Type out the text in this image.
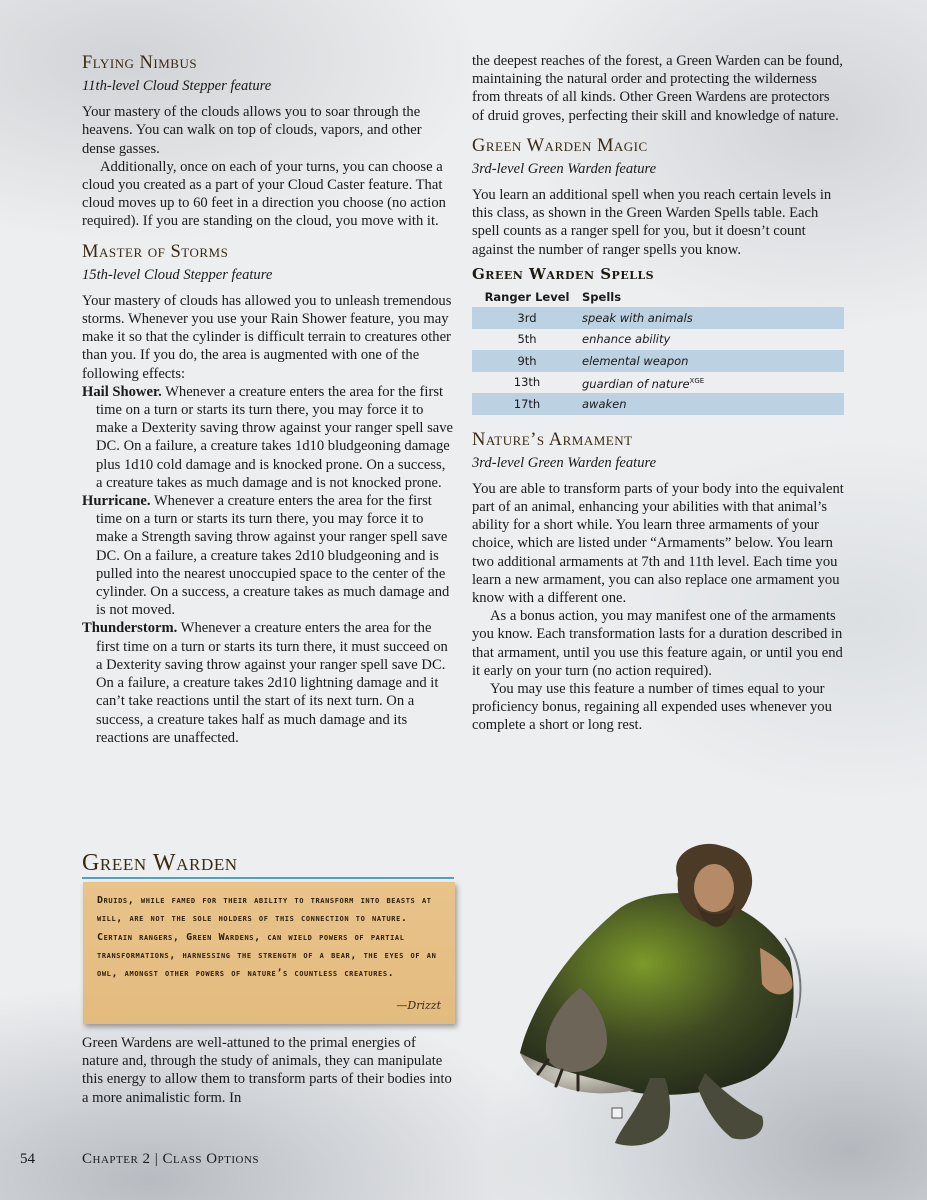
Flying Nimbus

11th-level Cloud Stepper feature

Your mastery of the clouds allows you to soar through the heavens. You can walk on top of clouds, vapors, and other dense gasses.

Additionally, once on each of your turns, you can choose a cloud you created as a part of your Cloud Caster feature. That cloud moves up to 60 feet in a direction you choose (no action required). If you are standing on the cloud, you move with it.

Master of Storms

15th-level Cloud Stepper feature

Your mastery of clouds has allowed you to unleash tremendous storms. Whenever you use your Rain Shower feature, you may make it so that the cylinder is difficult terrain to creatures other than you. If you do, the area is augmented with one of the following effects:

Hail Shower. Whenever a creature enters the area for the first time on a turn or starts its turn there, you may force it to make a Dexterity saving throw against your ranger spell save DC. On a failure, a creature takes 1d10 bludgeoning damage plus 1d10 cold damage and is knocked prone. On a success, a creature takes as much damage and is not knocked prone.

Hurricane. Whenever a creature enters the area for the first time on a turn or starts its turn there, you may force it to make a Strength saving throw against your ranger spell save DC. On a failure, a creature takes 2d10 bludgeoning and is pulled into the nearest unoccupied space to the center of the cylinder. On a success, a creature takes as much damage and is not moved.

Thunderstorm. Whenever a creature enters the area for the first time on a turn or starts its turn there, it must succeed on a Dexterity saving throw against your ranger spell save DC. On a failure, a creature takes 2d10 lightning damage and it can’t take reactions until the start of its next turn. On a success, a creature takes half as much damage and its reactions are unaffected.

Green Warden

Druids, while famed for their ability to transform into beasts at will, are not the sole holders of this connection to nature. Certain rangers, Green Wardens, can wield powers of partial transformations, harnessing the strength of a bear, the eyes of an owl, amongst other powers of nature’s countless creatures.

—Drizzt

Green Wardens are well-attuned to the primal energies of nature and, through the study of animals, they can manipulate this energy to allow them to transform parts of their bodies into a more animalistic form. In

the deepest reaches of the forest, a Green Warden can be found, maintaining the natural order and protecting the wilderness from threats of all kinds. Other Green Wardens are protectors of druid groves, perfecting their skill and knowledge of nature.

Green Warden Magic

3rd-level Green Warden feature

You learn an additional spell when you reach certain levels in this class, as shown in the Green Warden Spells table. Each spell counts as a ranger spell for you, but it doesn’t count against the number of ranger spells you know.

Green Warden Spells
Ranger Level	Spells
3rd	speak with animals
5th	enhance ability
9th	elemental weapon
13th	guardian of nature$^{XGE}$
17th	awaken
Nature’s Armament

3rd-level Green Warden feature

You are able to transform parts of your body into the equivalent part of an animal, enhancing your abilities with that animal’s ability for a short while. You learn three armaments of your choice, which are listed under “Armaments” below. You learn two additional armaments at 7th and 11th level. Each time you learn a new armament, you can also replace one armament you know with a different one.

As a bonus action, you may manifest one of the armaments you know. Each transformation lasts for a duration described in that armament, until you use this feature again, or until you end it early on your turn (no action required).

You may use this feature a number of times equal to your proficiency bonus, regaining all expended uses whenever you complete a short or long rest.

54	Chapter 2 | Class Options
